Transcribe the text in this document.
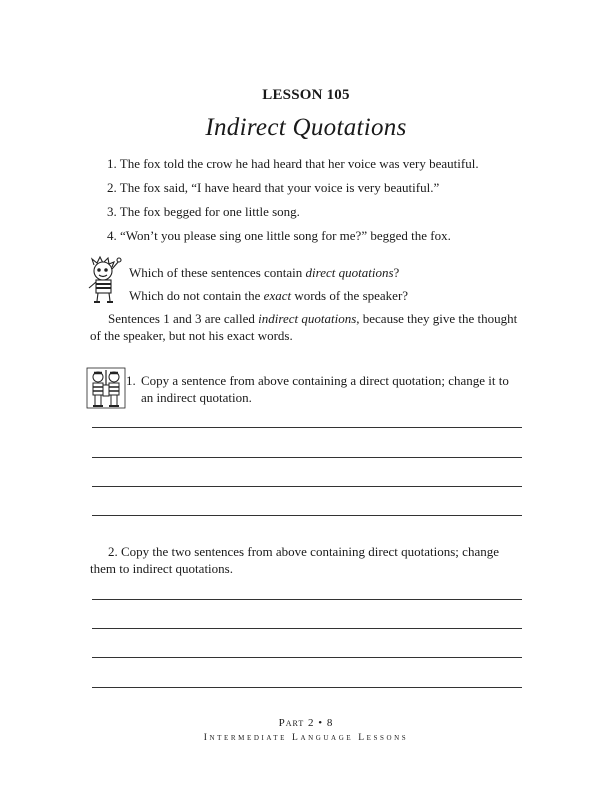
LESSON 105
Indirect Quotations
1. The fox told the crow he had heard that her voice was very beautiful.
2. The fox said, “I have heard that your voice is very beautiful.”
3. The fox begged for one little song.
4. “Won’t you please sing one little song for me?” begged the fox.
Which of these sentences contain direct quotations?
Which do not contain the exact words of the speaker?
Sentences 1 and 3 are called indirect quotations, because they give the thought of the speaker, but not his exact words.
1. Copy a sentence from above containing a direct quotation; change it to an indirect quotation.
2. Copy the two sentences from above containing direct quotations; change them to indirect quotations.
Part 2 • 8
Intermediate Language Lessons
